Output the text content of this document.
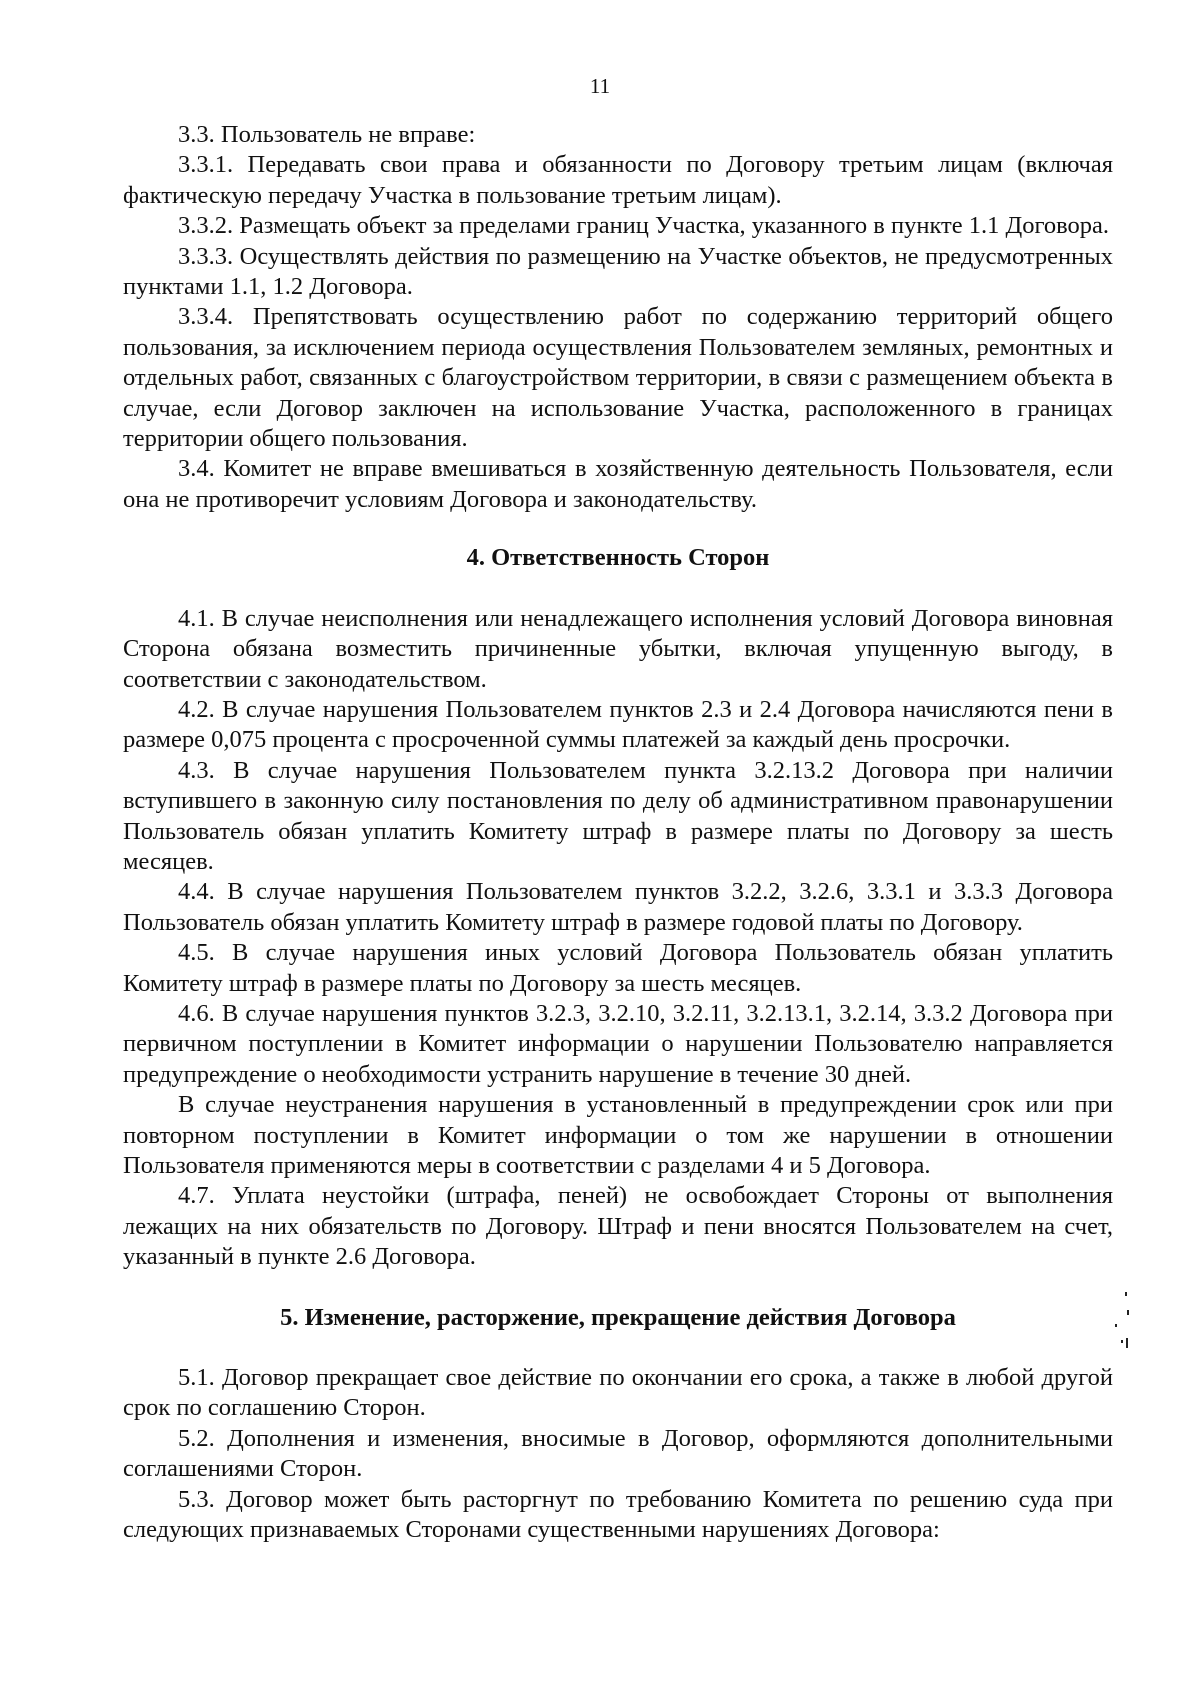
11

3.3. Пользователь не вправе:

3.3.1. Передавать свои права и обязанности по Договору третьим лицам (включая фактическую передачу Участка в пользование третьим лицам).

3.3.2. Размещать объект за пределами границ Участка, указанного в пункте 1.1 Договора.

3.3.3. Осуществлять действия по размещению на Участке объектов, не предусмотренных пунктами 1.1, 1.2 Договора.

3.3.4. Препятствовать осуществлению работ по содержанию территорий общего пользования, за исключением периода осуществления Пользователем земляных, ремонтных и отдельных работ, связанных с благоустройством территории, в связи с размещением объекта в случае, если Договор заключен на использование Участка, расположенного в границах территории общего пользования.

3.4. Комитет не вправе вмешиваться в хозяйственную деятельность Пользователя, если она не противоречит условиям Договора и законодательству.

4. Ответственность Сторон

4.1. В случае неисполнения или ненадлежащего исполнения условий Договора виновная Сторона обязана возместить причиненные убытки, включая упущенную выгоду, в соответствии с законодательством.

4.2. В случае нарушения Пользователем пунктов 2.3 и 2.4 Договора начисляются пени в размере 0,075 процента с просроченной суммы платежей за каждый день просрочки.

4.3. В случае нарушения Пользователем пункта 3.2.13.2 Договора при наличии вступившего в законную силу постановления по делу об административном правонарушении Пользователь обязан уплатить Комитету штраф в размере платы по Договору за шесть месяцев.

4.4. В случае нарушения Пользователем пунктов 3.2.2, 3.2.6, 3.3.1 и 3.3.3 Договора Пользователь обязан уплатить Комитету штраф в размере годовой платы по Договору.

4.5. В случае нарушения иных условий Договора Пользователь обязан уплатить Комитету штраф в размере платы по Договору за шесть месяцев.

4.6. В случае нарушения пунктов 3.2.3, 3.2.10, 3.2.11, 3.2.13.1, 3.2.14, 3.3.2 Договора при первичном поступлении в Комитет информации о нарушении Пользователю направляется предупреждение о необходимости устранить нарушение в течение 30 дней.

В случае неустранения нарушения в установленный в предупреждении срок или при повторном поступлении в Комитет информации о том же нарушении в отношении Пользователя применяются меры в соответствии с разделами 4 и 5 Договора.

4.7. Уплата неустойки (штрафа, пеней) не освобождает Стороны от выполнения лежащих на них обязательств по Договору. Штраф и пени вносятся Пользователем на счет, указанный в пункте 2.6 Договора.

5. Изменение, расторжение, прекращение действия Договора

5.1. Договор прекращает свое действие по окончании его срока, а также в любой другой срок по соглашению Сторон.

5.2. Дополнения и изменения, вносимые в Договор, оформляются дополнительными соглашениями Сторон.

5.3. Договор может быть расторгнут по требованию Комитета по решению суда при следующих признаваемых Сторонами существенными нарушениях Договора:
